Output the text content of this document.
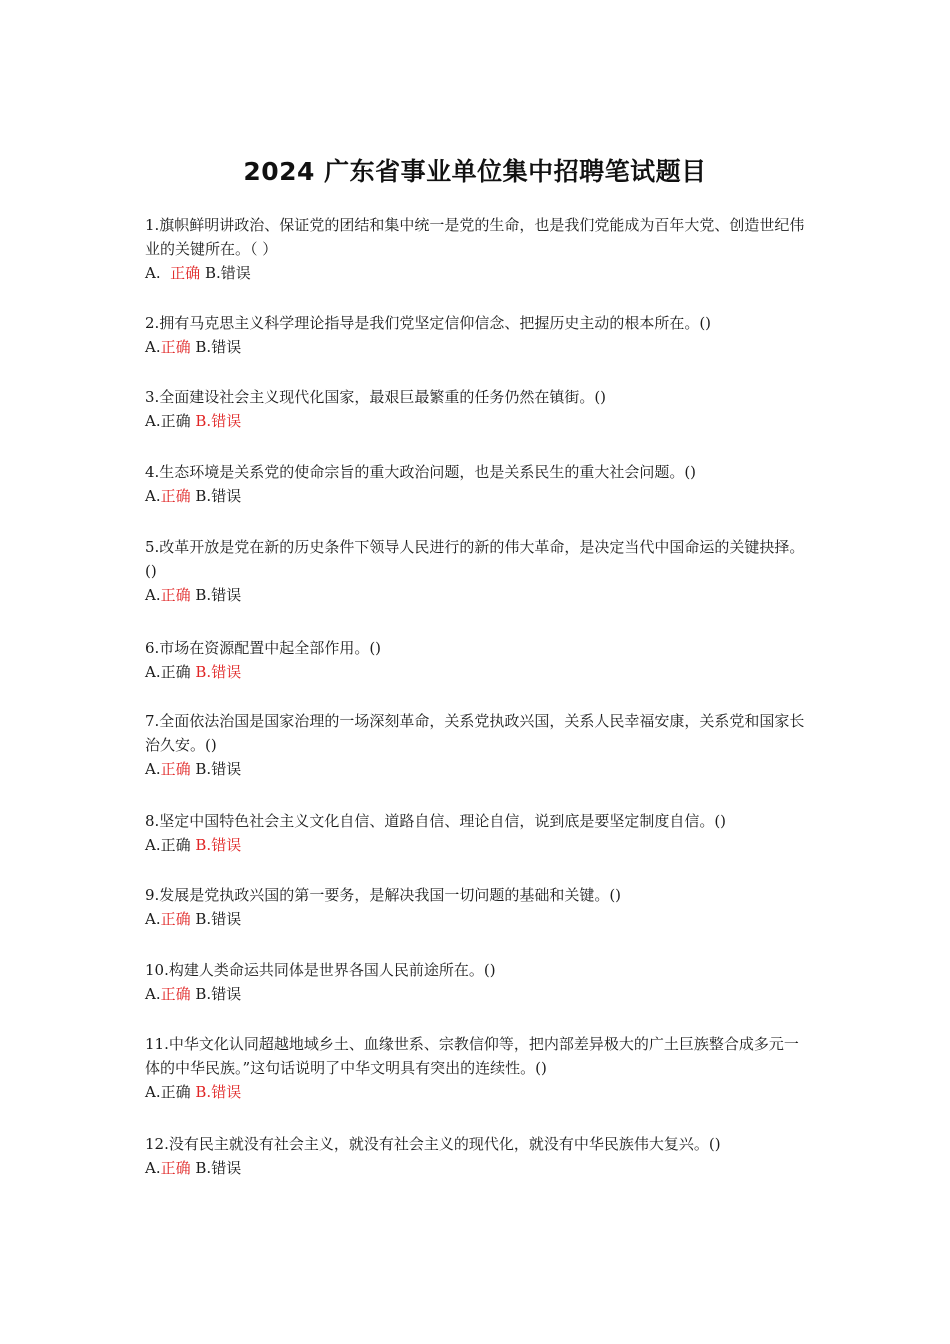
2024 广东省事业单位集中招聘笔试题目

1.旗帜鲜明讲政治、保证党的团结和集中统一是党的生命，也是我们党能成为百年大党、创造世纪伟业的关键所在。（ ）

A. 正确 B.错误

2.拥有马克思主义科学理论指导是我们党坚定信仰信念、把握历史主动的根本所在。()

A.正确 B.错误

3.全面建设社会主义现代化国家，最艰巨最繁重的任务仍然在镇街。()

A.正确 B.错误

4.生态环境是关系党的使命宗旨的重大政治问题，也是关系民生的重大社会问题。()

A.正确 B.错误

5.改革开放是党在新的历史条件下领导人民进行的新的伟大革命，是决定当代中国命运的关键抉择。()

A.正确 B.错误

6.市场在资源配置中起全部作用。()

A.正确 B.错误

7.全面依法治国是国家治理的一场深刻革命，关系党执政兴国，关系人民幸福安康，关系党和国家长治久安。()

A.正确 B.错误

8.坚定中国特色社会主义文化自信、道路自信、理论自信，说到底是要坚定制度自信。()

A.正确 B.错误

9.发展是党执政兴国的第一要务，是解决我国一切问题的基础和关键。()

A.正确 B.错误

10.构建人类命运共同体是世界各国人民前途所在。()

A.正确 B.错误

11.中华文化认同超越地域乡土、血缘世系、宗教信仰等，把内部差异极大的广土巨族整合成多元一体的中华民族。”这句话说明了中华文明具有突出的连续性。()

A.正确 B.错误

12.没有民主就没有社会主义，就没有社会主义的现代化，就没有中华民族伟大复兴。()

A.正确 B.错误
